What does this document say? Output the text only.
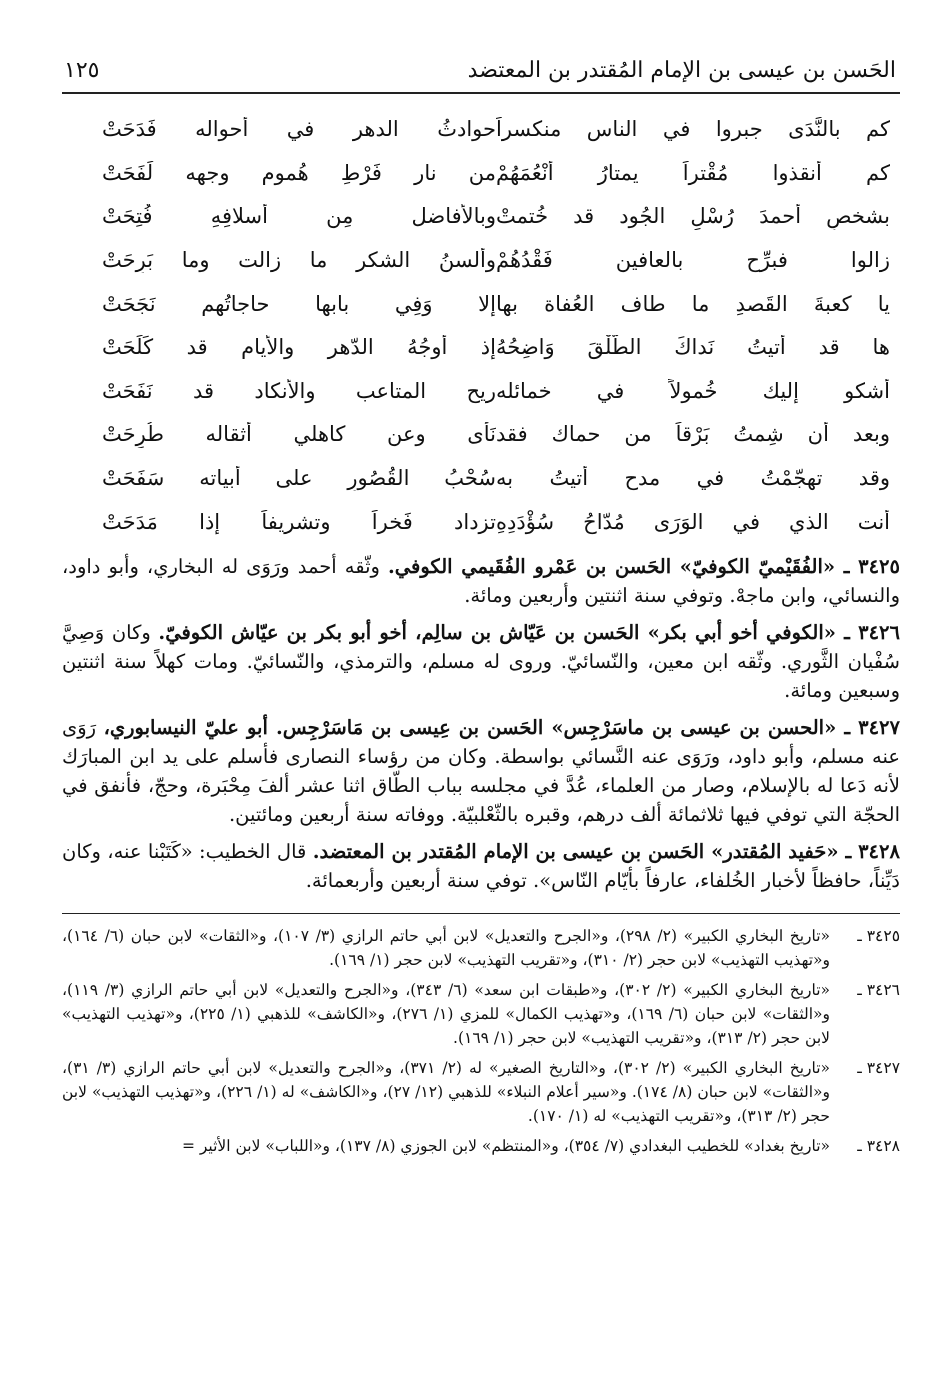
الحَسن بن عيسى بن الإمام المُقتدر بن المعتضد
١٢٥
كم بالنَّدَى جبروا في الناس منكسراً
حوادثُ الدهر في أحواله فَدَحَتْ
كم أنقذوا مُقْتراً يمتارُ أنْعُمَهُمْ
من نار فَرْطِ هُموم وجهه لَفَحَتْ
بشخصِ أحمدَ رُسْلِ الجُود قد خُتمتْ
وبالأفاضل مِن أسلافِهِ فُتِحَتْ
زالوا فبرِّح بالعافين فَقْدُهُمْ
وألسنُ الشكر ما زالت وما بَرِحَتْ
يا كعبةَ القَصدِ ما طاف العُفاة بها
إلا وَفِي بابها حاجاتُهم نَجَحَتْ
ها قد أتيتُ نَداكَ الطَّلْقَ وَاضِحُهُ
إذ أوجُهُ الدّهر والأيام قد كَلَحَتْ
أشكو إليك خُمولاً في خمائله
ريح المتاعب والأنكاد قد نَفَحَتْ
وبعد أن شِمتُ بَرْقاً من حماك فقد
نَأى وعن كاهلي أثقاله طُرِحَتْ
وقد تهجّمْتُ في مدح أتيتُ به
سُحْبُ القُصُورِ على أبياته سَفَحَتْ
أنت الذي في الوَرَى مُدّاحُ سُؤْدَدِهِ
تزداد فَخراً وتشريفاً إذا مَدَحَتْ

٣٤٢٥ ـ «الفُقَيْميّ الكوفيّ» الحَسن بن عَمْرو الفُقَيمي الكوفي. وثّقه أحمد ورَوَى له البخاري، وأبو داود، والنسائي، وابن ماجهْ. وتوفي سنة اثنتين وأربعين ومائة.

٣٤٢٦ ـ «الكوفي أخو أبي بكر» الحَسن بن عَيّاش بن سالِم، أخو أبو بكر بن عيّاش الكوفيّ. وكان وَصِيَّ سُفْيان الثَّوري. وثّقه ابن معين، والنّسائيّ. وروى له مسلم، والترمذي، والنّسائيّ. ومات كهلاً سنة اثنتين وسبعين ومائة.

٣٤٢٧ ـ «الحسن بن عيسى بن ماسَرْجِس» الحَسن بن عِيسى بن مَاسَرْجِس. أبو عليّ النيسابوري، رَوَى عنه مسلم، وأبو داود، ورَوَى عنه النَّسائي بواسطة. وكان من رؤساء النصارى فأسلم على يد ابن المبارَك لأنه دَعا له بالإسلام، وصار من العلماء، عُدَّ في مجلسه بباب الطّاق اثنا عشر ألفَ مِحْبَرة، وحجّ، فأنفق في الحجّة التي توفي فيها ثلاثمائة ألف درهم، وقبره بالثّعْلبيّة. ووفاته سنة أربعين ومائتين.

٣٤٢٨ ـ «حَفيد المُقتدر» الحَسن بن عيسى بن الإمام المُقتدر بن المعتضد. قال الخطيب: «كَتَبْنا عنه، وكان دَيِّناً، حافظاً لأخبار الخُلفاء، عارفاً بأيّام النّاس». توفي سنة أربعين وأربعمائة.

٣٤٢٥ ـ«تاريخ البخاري الكبير» (٢/ ٢٩٨)، و«الجرح والتعديل» لابن أبي حاتم الرازي (٣/ ١٠٧)، و«الثقات» لابن حبان (٦/ ١٦٤)، و«تهذيب التهذيب» لابن حجر (٢/ ٣١٠)، و«تقريب التهذيب» لابن حجر (١/ ١٦٩).

٣٤٢٦ ـ«تاريخ البخاري الكبير» (٢/ ٣٠٢)، و«طبقات ابن سعد» (٦/ ٣٤٣)، و«الجرح والتعديل» لابن أبي حاتم الرازي (٣/ ١١٩)، و«الثقات» لابن حبان (٦/ ١٦٩)، و«تهذيب الكمال» للمزي (١/ ٢٧٦)، و«الكاشف» للذهبي (١/ ٢٢٥)، و«تهذيب التهذيب» لابن حجر (٢/ ٣١٣)، و«تقريب التهذيب» لابن حجر (١/ ١٦٩).

٣٤٢٧ ـ«تاريخ البخاري الكبير» (٢/ ٣٠٢)، و«التاريخ الصغير» له (٢/ ٣٧١)، و«الجرح والتعديل» لابن أبي حاتم الرازي (٣/ ٣١)، و«الثقات» لابن حبان (٨/ ١٧٤). و«سير أعلام النبلاء» للذهبي (١٢/ ٢٧)، و«الكاشف» له (١/ ٢٢٦)، و«تهذيب التهذيب» لابن حجر (٢/ ٣١٣)، و«تقريب التهذيب» له (١/ ١٧٠).

٣٤٢٨ ـ«تاريخ بغداد» للخطيب البغدادي (٧/ ٣٥٤)، و«المنتظم» لابن الجوزي (٨/ ١٣٧)، و«اللباب» لابن الأثير =
